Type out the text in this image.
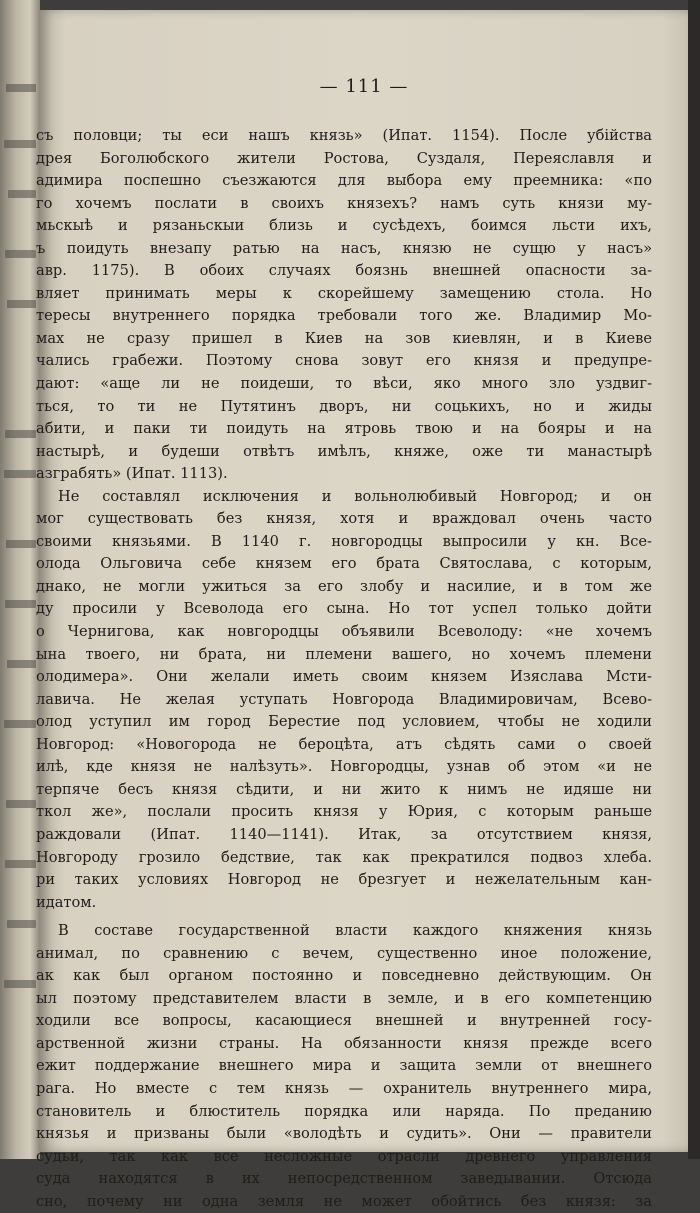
— 111 —
съ половци; ты еси нашъ князь» (Ипат. 1154). После убійства
дрея Боголюбского жители Ростова, Суздаля, Переяславля и
адимира поспешно съезжаются для выбора ему преемника: «по
го хочемъ послати в своихъ князехъ? намъ суть князи му-
мьскыѣ и рязаньскыи близь и сусѣдехъ, боимся льсти ихъ,
ъ поидуть внезапу ратью на насъ, князю не сущю у насъ»
авр. 1175). В обоих случаях боязнь внешней опасности за-
вляет принимать меры к скорейшему замещению стола. Но
тересы внутреннего порядка требовали того же. Владимир Мо-
мах не сразу пришел в Киев на зов киевлян, и в Киеве
чались грабежи. Поэтому снова зовут его князя и предупре-
дают: «аще ли не поидеши, то вѣси, яко много зло уздвиг-
ться, то ти не Путятинъ дворъ, ни соцькихъ, но и жиды
абити, и паки ти поидуть на ятровь твою и на бояры и на
настырѣ, и будеши отвѣтъ имѣлъ, княже, оже ти манастырѣ
азграбять» (Ипат. 1113).
Не составлял исключения и вольнолюбивый Новгород; и он
мог существовать без князя, хотя и враждовал очень часто
своими князьями. В 1140 г. новгородцы выпросили у кн. Все-
олода Ольговича себе князем его брата Святослава, с которым,
днако, не могли ужиться за его злобу и насилие, и в том же
ду просили у Всеволода его сына. Но тот успел только дойти
о Чернигова, как новгородцы объявили Всеволоду: «не хочемъ
ына твоего, ни брата, ни племени вашего, но хочемъ племени
олодимера». Они желали иметь своим князем Изяслава Мсти-
лавича. Не желая уступать Новгорода Владимировичам, Всево-
олод уступил им город Берестие под условием, чтобы не ходили
Новгород: «Новогорода не бероцѣта, атъ сѣдять сами о своей
илѣ, кде князя не налѣзуть». Новгородцы, узнав об этом «и не
терпяче бесъ князя сѣдити, и ни жито к нимъ не идяше ни
ткол же», послали просить князя у Юрия, с которым раньше
раждовали (Ипат. 1140—1141). Итак, за отсутствием князя,
Новгороду грозило бедствие, так как прекратился подвоз хлеба.
ри таких условиях Новгород не брезгует и нежелательным кан-
идатом.
В составе государственной власти каждого княжения князь
анимал, по сравнению с вечем, существенно иное положение,
ак как был органом постоянно и повседневно действующим. Он
ыл поэтому представителем власти в земле, и в его компетенцию
ходили все вопросы, касающиеся внешней и внутренней госу-
арственной жизни страны. На обязанности князя прежде всего
ежит поддержание внешнего мира и защита земли от внешнего
рага. Но вместе с тем князь — охранитель внутреннего мира,
становитель и блюститель порядка или наряда. По преданию
князья и призваны были «володѣть и судить». Они — правители
судьи, так как все несложные отрасли древнего управления
суда находятся в их непосредственном заведывании. Отсюда
сно, почему ни одна земля не может обойтись без князя: за
